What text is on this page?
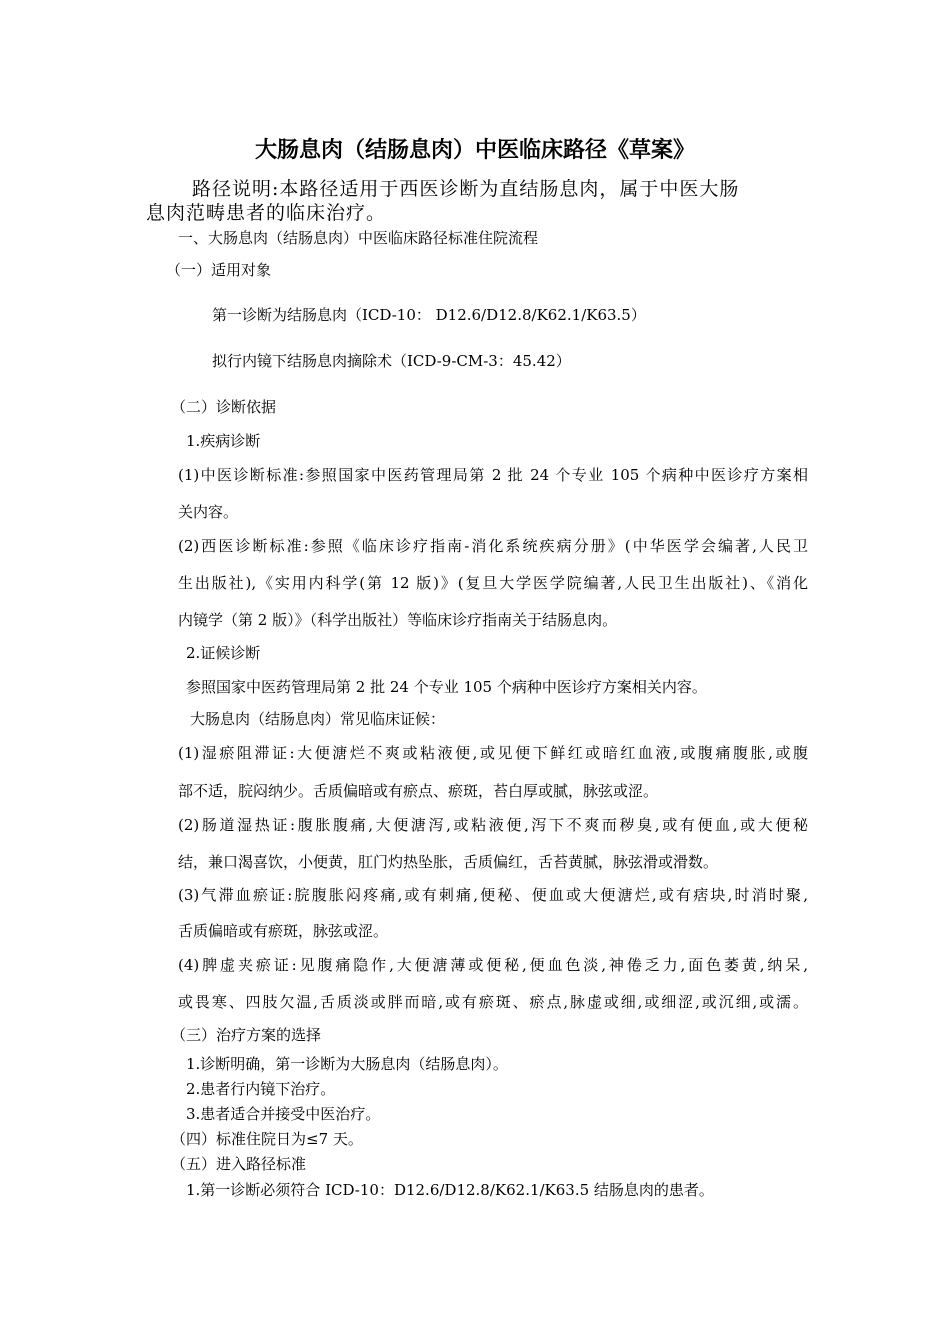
大肠息肉（结肠息肉）中医临床路径《草案》
路径说明:本路径适用于西医诊断为直结肠息肉，属于中医大肠
息肉范畴患者的临床治疗。
一、大肠息肉（结肠息肉）中医临床路径标准住院流程
（一）适用对象
第一诊断为结肠息肉（ICD-10： D12.6/D12.8/K62.1/K63.5）
拟行内镜下结肠息肉摘除术（ICD-9-CM-3：45.42）
（二）诊断依据
1.疾病诊断
(1)中医诊断标准:参照国家中医药管理局第 2 批 24 个专业 105 个病种中医诊疗方案相
关内容。
(2)西医诊断标准:参照《临床诊疗指南-消化系统疾病分册》(中华医学会编著,人民卫
生出版社),《实用内科学(第 12 版)》(复旦大学医学院编著,人民卫生出版社)、《消化
内镜学（第 2 版）》（科学出版社）等临床诊疗指南关于结肠息肉。
2.证候诊断
参照国家中医药管理局第 2 批 24 个专业 105 个病种中医诊疗方案相关内容。
大肠息肉（结肠息肉）常见临床证候：
(1)湿瘀阻滞证:大便溏烂不爽或粘液便,或见便下鲜红或暗红血液,或腹痛腹胀,或腹
部不适，脘闷纳少。舌质偏暗或有瘀点、瘀斑，苔白厚或腻，脉弦或涩。
(2)肠道湿热证:腹胀腹痛,大便溏泻,或粘液便,泻下不爽而秽臭,或有便血,或大便秘
结，兼口渴喜饮，小便黄，肛门灼热坠胀，舌质偏红，舌苔黄腻，脉弦滑或滑数。
(3)气滞血瘀证:脘腹胀闷疼痛,或有刺痛,便秘、便血或大便溏烂,或有痞块,时消时聚,
舌质偏暗或有瘀斑，脉弦或涩。
(4)脾虚夹瘀证:见腹痛隐作,大便溏薄或便秘,便血色淡,神倦乏力,面色萎黄,纳呆,
或畏寒、四肢欠温,舌质淡或胖而暗,或有瘀斑、瘀点,脉虚或细,或细涩,或沉细,或濡。
（三）治疗方案的选择
1.诊断明确，第一诊断为大肠息肉（结肠息肉）。
2.患者行内镜下治疗。
3.患者适合并接受中医治疗。
（四）标准住院日为≤7 天。
（五）进入路径标准
1.第一诊断必须符合 ICD-10：D12.6/D12.8/K62.1/K63.5 结肠息肉的患者。
